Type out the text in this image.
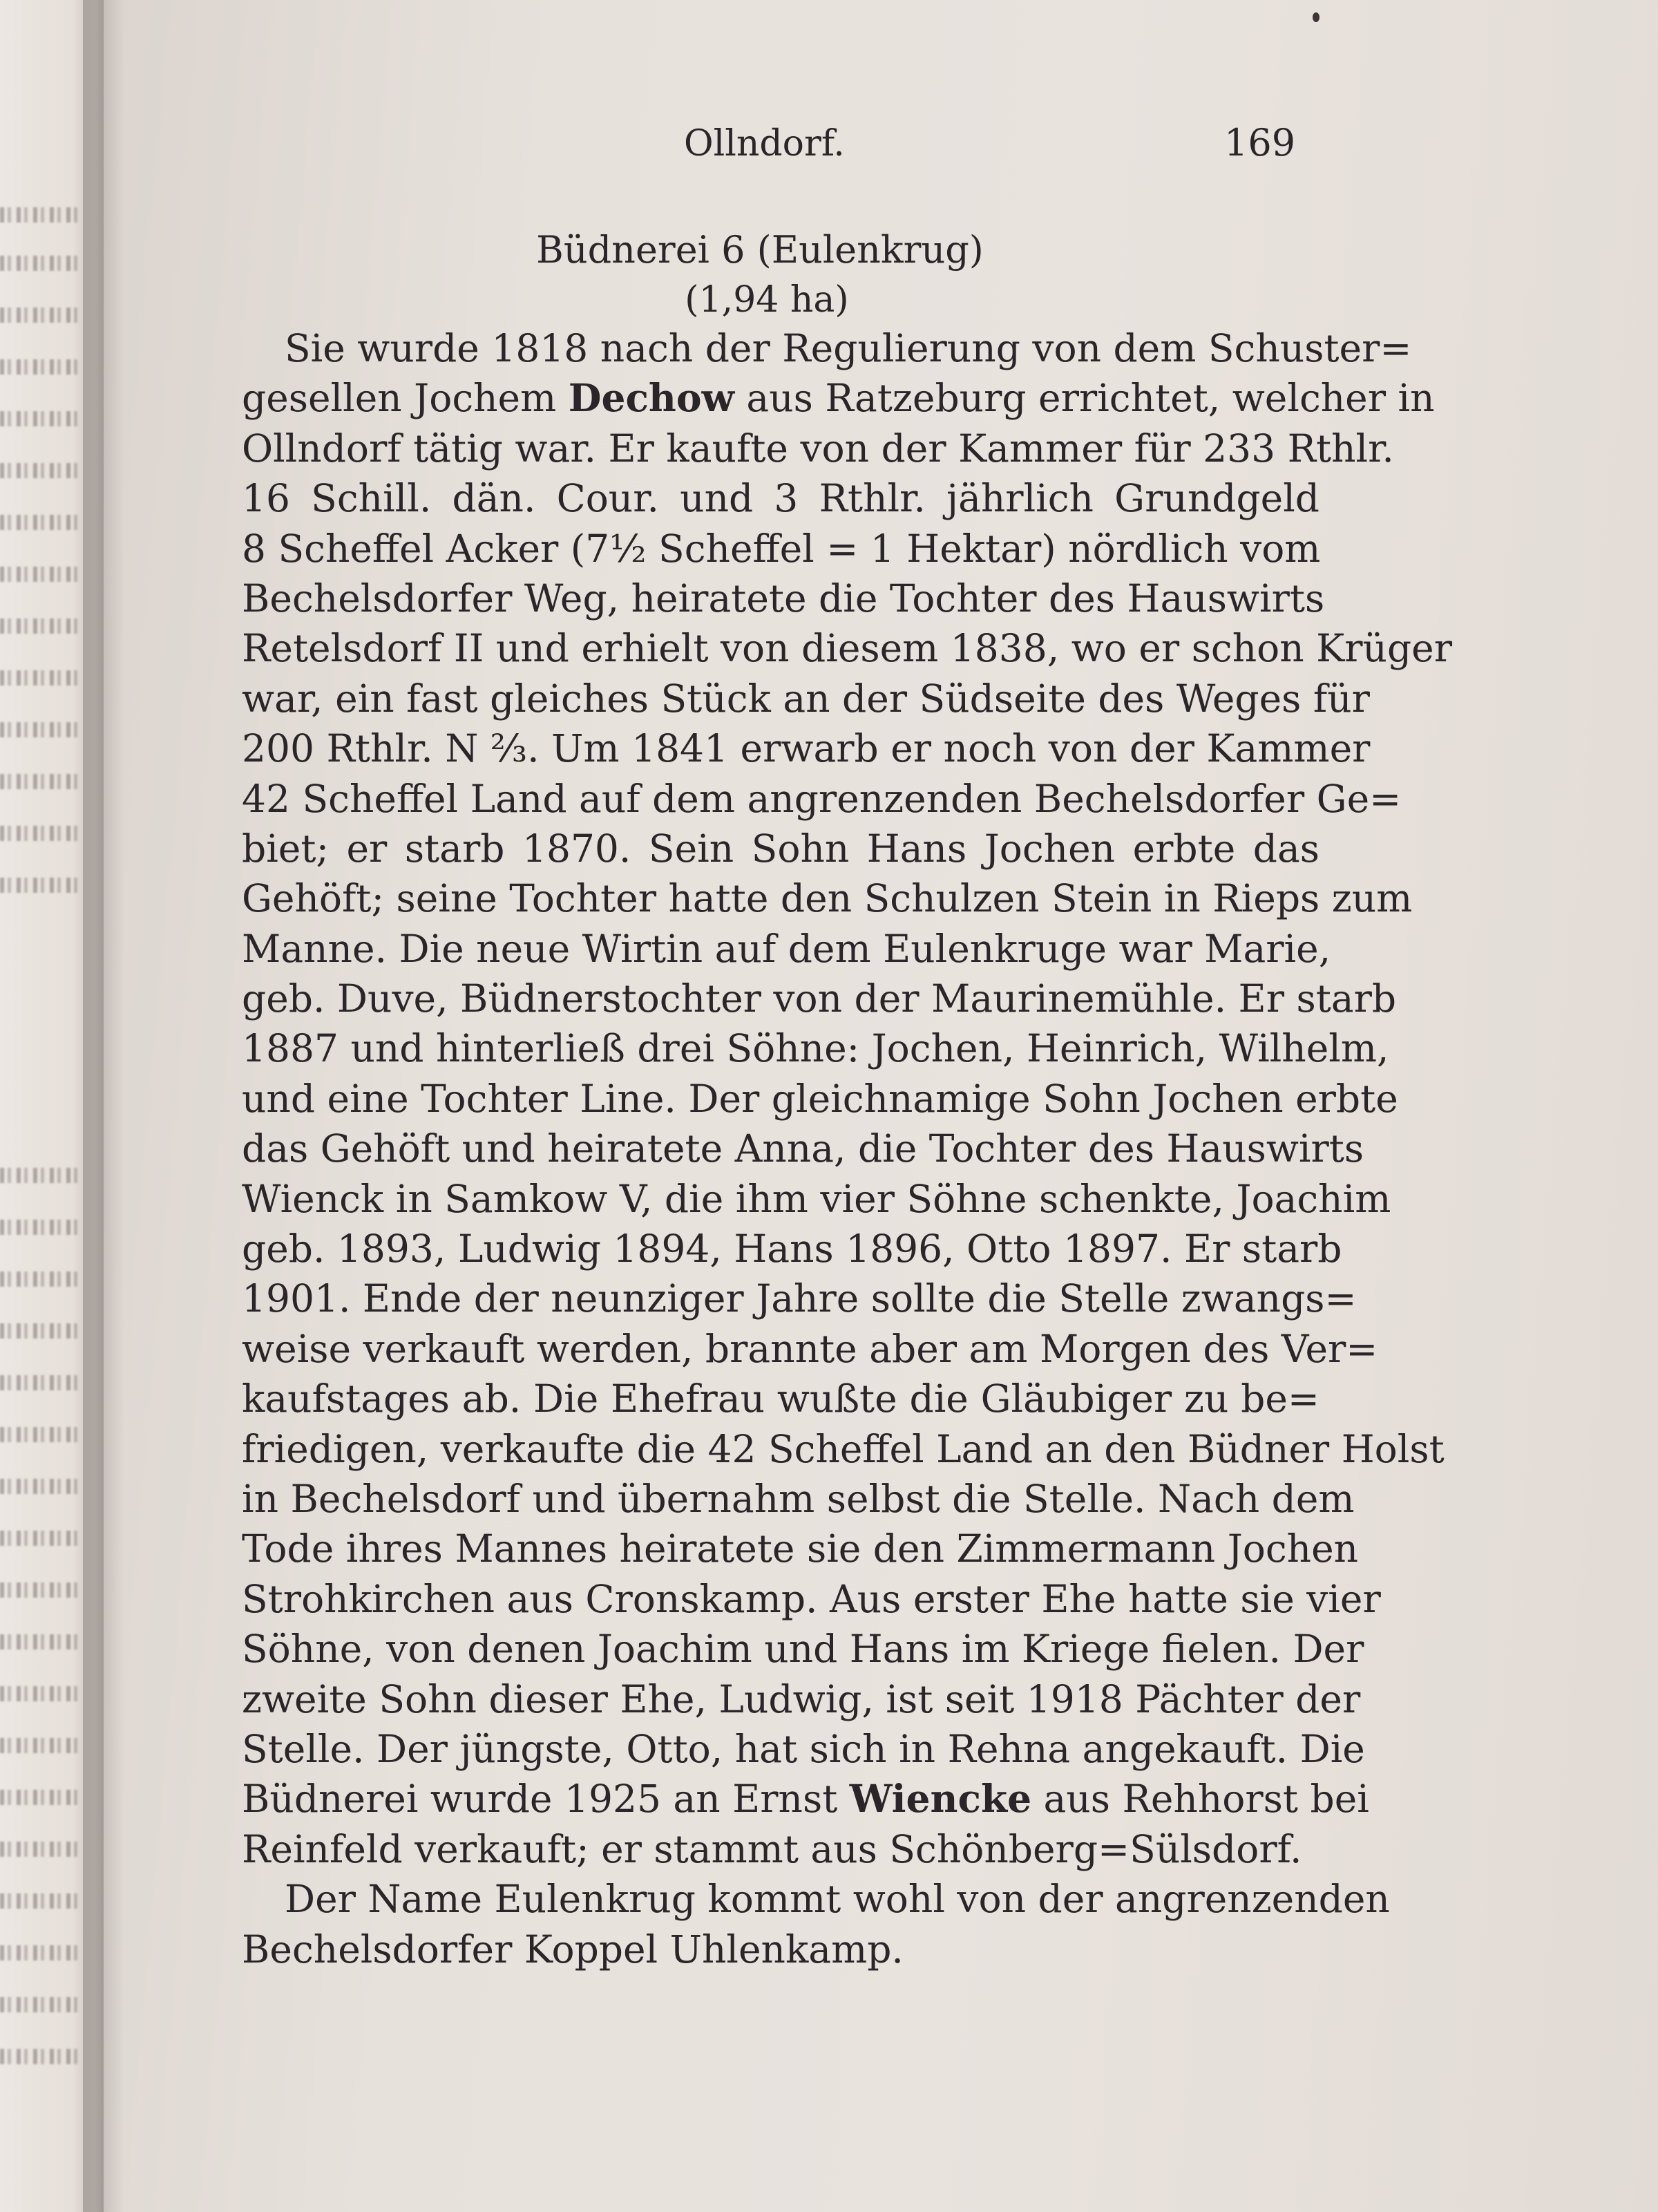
Ollndorf.	169
Büdnerei 6 (Eulenkrug)
(1,94 ha)
Sie wurde 1818 nach der Regulierung von dem Schuster=
gesellen Jochem Dechow aus Ratzeburg errichtet, welcher in
Ollndorf tätig war. Er kaufte von der Kammer für 233 Rthlr.
16 Schill. dän. Cour. und 3 Rthlr. jährlich Grundgeld
8 Scheffel Acker (7½ Scheffel = 1 Hektar) nördlich vom
Bechelsdorfer Weg, heiratete die Tochter des Hauswirts
Retelsdorf II und erhielt von diesem 1838, wo er schon Krüger
war, ein fast gleiches Stück an der Südseite des Weges für
200 Rthlr. N ⅔. Um 1841 erwarb er noch von der Kammer
42 Scheffel Land auf dem angrenzenden Bechelsdorfer Ge=
biet; er starb 1870. Sein Sohn Hans Jochen erbte das
Gehöft; seine Tochter hatte den Schulzen Stein in Rieps zum
Manne. Die neue Wirtin auf dem Eulenkruge war Marie,
geb. Duve, Büdnerstochter von der Maurinemühle. Er starb
1887 und hinterließ drei Söhne: Jochen, Heinrich, Wilhelm,
und eine Tochter Line. Der gleichnamige Sohn Jochen erbte
das Gehöft und heiratete Anna, die Tochter des Hauswirts
Wienck in Samkow V, die ihm vier Söhne schenkte, Joachim
geb. 1893, Ludwig 1894, Hans 1896, Otto 1897. Er starb
1901. Ende der neunziger Jahre sollte die Stelle zwangs=
weise verkauft werden, brannte aber am Morgen des Ver=
kaufstages ab. Die Ehefrau wußte die Gläubiger zu be=
friedigen, verkaufte die 42 Scheffel Land an den Büdner Holst
in Bechelsdorf und übernahm selbst die Stelle. Nach dem
Tode ihres Mannes heiratete sie den Zimmermann Jochen
Strohkirchen aus Cronskamp. Aus erster Ehe hatte sie vier
Söhne, von denen Joachim und Hans im Kriege fielen. Der
zweite Sohn dieser Ehe, Ludwig, ist seit 1918 Pächter der
Stelle. Der jüngste, Otto, hat sich in Rehna angekauft. Die
Büdnerei wurde 1925 an Ernst Wiencke aus Rehhorst bei
Reinfeld verkauft; er stammt aus Schönberg=Sülsdorf.
Der Name Eulenkrug kommt wohl von der angrenzenden
Bechelsdorfer Koppel Uhlenkamp.
